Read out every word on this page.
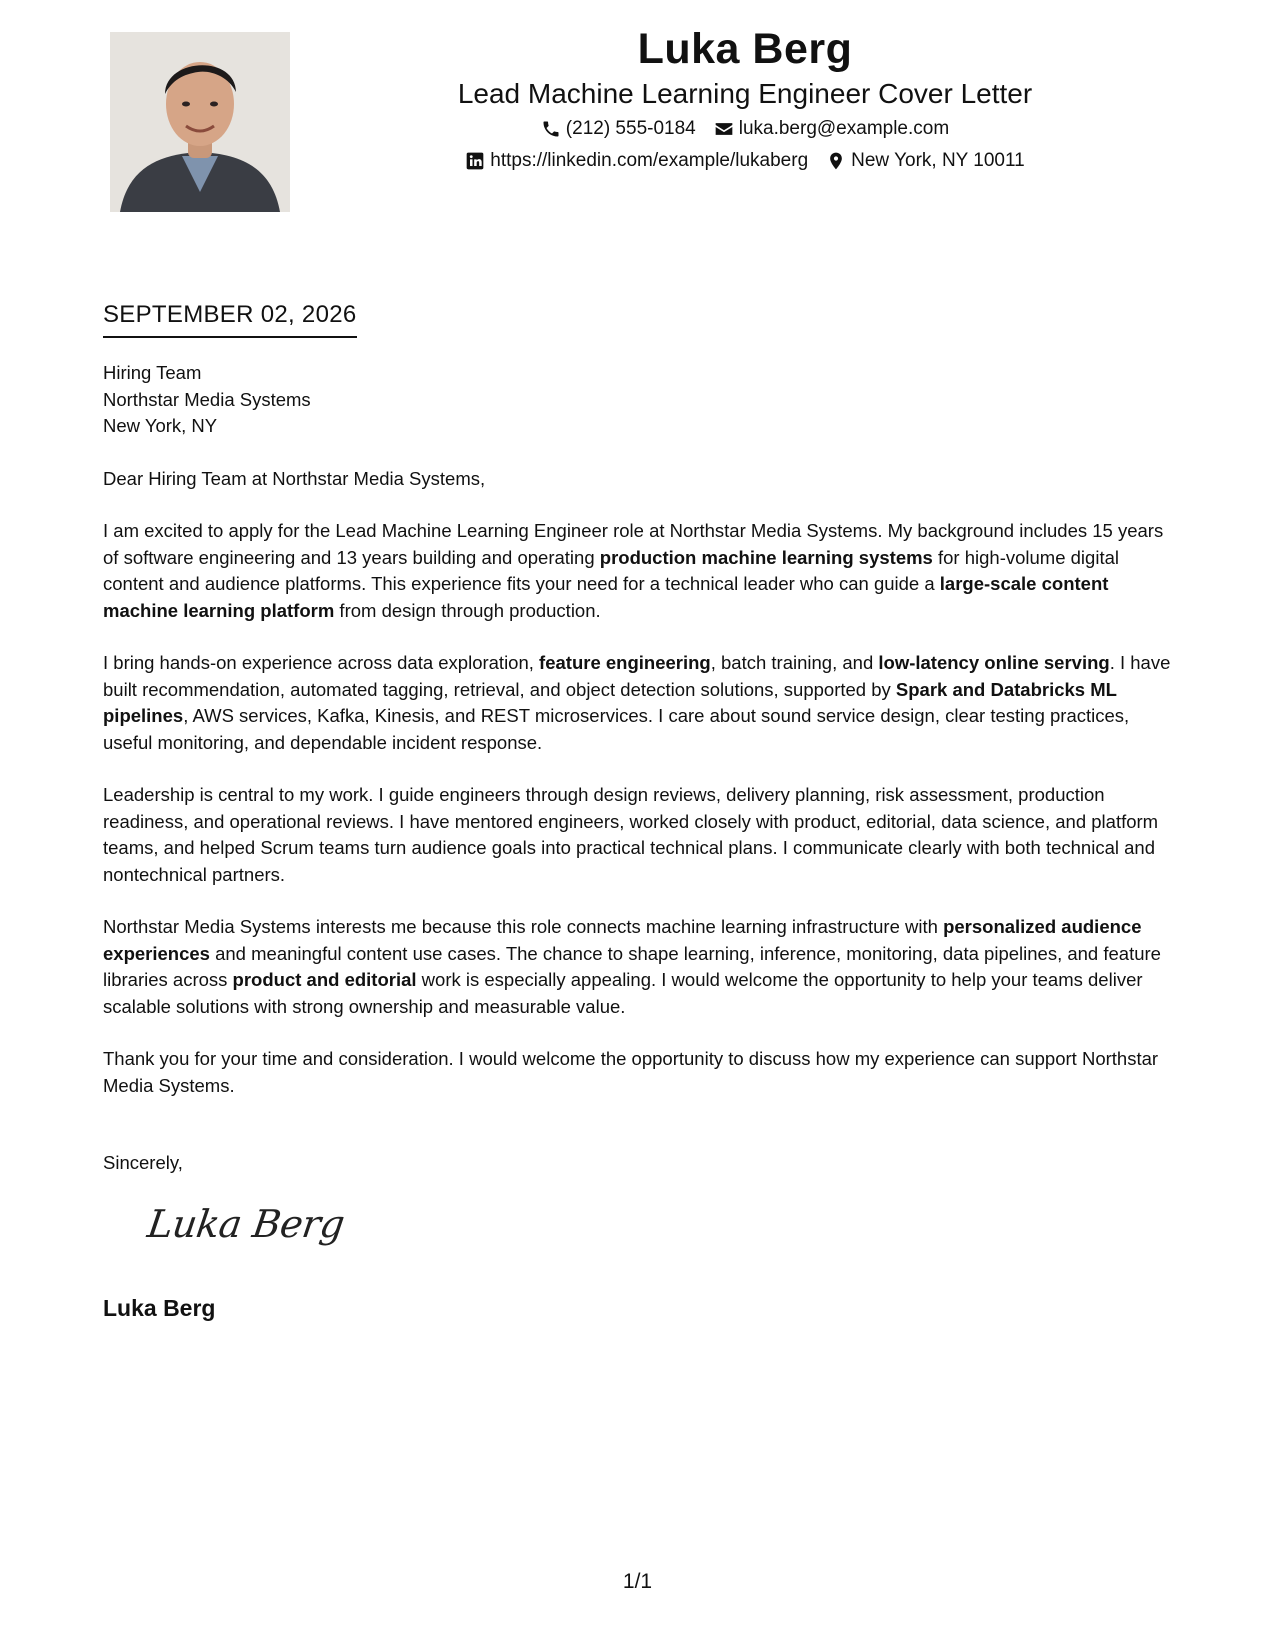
Luka Berg
Lead Machine Learning Engineer Cover Letter
(212) 555-0184 luka.berg@example.com
https://linkedin.com/example/lukaberg New York, NY 10011
SEPTEMBER 02, 2026
Hiring Team
Northstar Media Systems
New York, NY
Dear Hiring Team at Northstar Media Systems,

I am excited to apply for the Lead Machine Learning Engineer role at Northstar Media Systems. My background includes 15 years of software engineering and 13 years building and operating production machine learning systems for high-volume digital content and audience platforms. This experience fits your need for a technical leader who can guide a large-scale content machine learning platform from design through production.

I bring hands-on experience across data exploration, feature engineering, batch training, and low-latency online serving. I have built recommendation, automated tagging, retrieval, and object detection solutions, supported by Spark and Databricks ML pipelines, AWS services, Kafka, Kinesis, and REST microservices. I care about sound service design, clear testing practices, useful monitoring, and dependable incident response.

Leadership is central to my work. I guide engineers through design reviews, delivery planning, risk assessment, production readiness, and operational reviews. I have mentored engineers, worked closely with product, editorial, data science, and platform teams, and helped Scrum teams turn audience goals into practical technical plans. I communicate clearly with both technical and nontechnical partners.

Northstar Media Systems interests me because this role connects machine learning infrastructure with personalized audience experiences and meaningful content use cases. The chance to shape learning, inference, monitoring, data pipelines, and feature libraries across product and editorial work is especially appealing. I would welcome the opportunity to help your teams deliver scalable solutions with strong ownership and measurable value.

Thank you for your time and consideration. I would welcome the opportunity to discuss how my experience can support Northstar Media Systems.

Sincerely,
Luka Berg
Luka Berg
1/1
